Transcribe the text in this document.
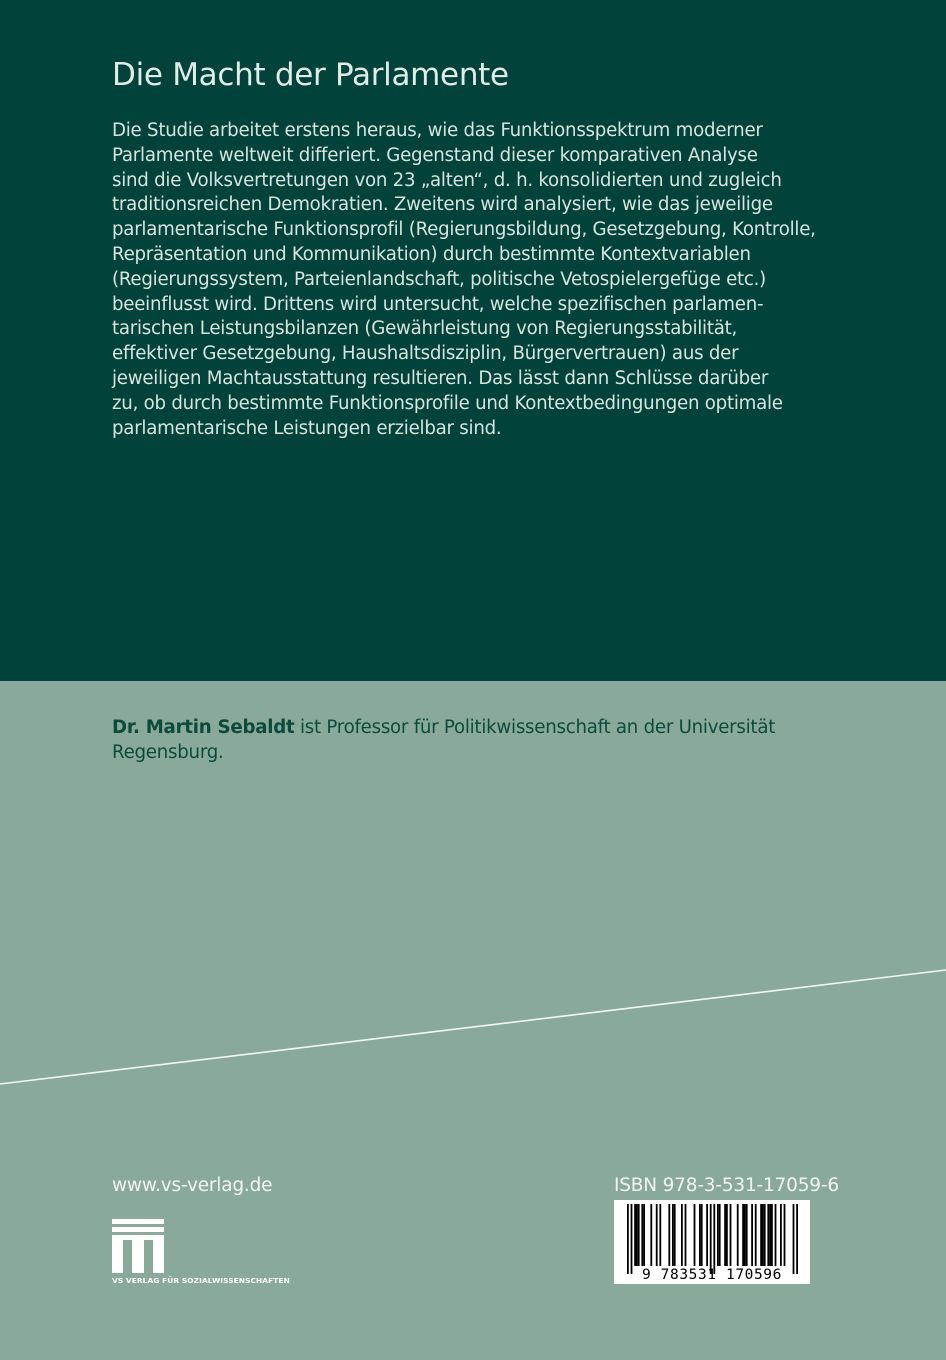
Die Macht der Parlamente
Die Studie arbeitet erstens heraus, wie das Funktionsspektrum moderner
Parlamente weltweit differiert. Gegenstand dieser komparativen Analyse
sind die Volksvertretungen von 23 „alten“, d. h. konsolidierten und zugleich
traditionsreichen Demokratien. Zweitens wird analysiert, wie das jeweilige
parlamentarische Funktionsprofil (Regierungsbildung, Gesetzgebung, Kontrolle,
Repräsentation und Kommunikation) durch bestimmte Kontextvariablen
(Regierungssystem, Parteienlandschaft, politische Vetospielergefüge etc.)
beeinflusst wird. Drittens wird untersucht, welche spezifischen parlamen-
tarischen Leistungsbilanzen (Gewährleistung von Regierungsstabilität,
effektiver Gesetzgebung, Haushaltsdisziplin, Bürgervertrauen) aus der
jeweiligen Machtausstattung resultieren. Das lässt dann Schlüsse darüber
zu, ob durch bestimmte Funktionsprofile und Kontextbedingungen optimale
parlamentarische Leistungen erzielbar sind.
Dr. Martin Sebaldt ist Professor für Politikwissenschaft an der Universität
Regensburg.
www.vs-verlag.de	ISBN 978-3-531-17059-6
VS VERLAG FÜR SOZIALWISSENSCHAFTEN	9 783531 170596
